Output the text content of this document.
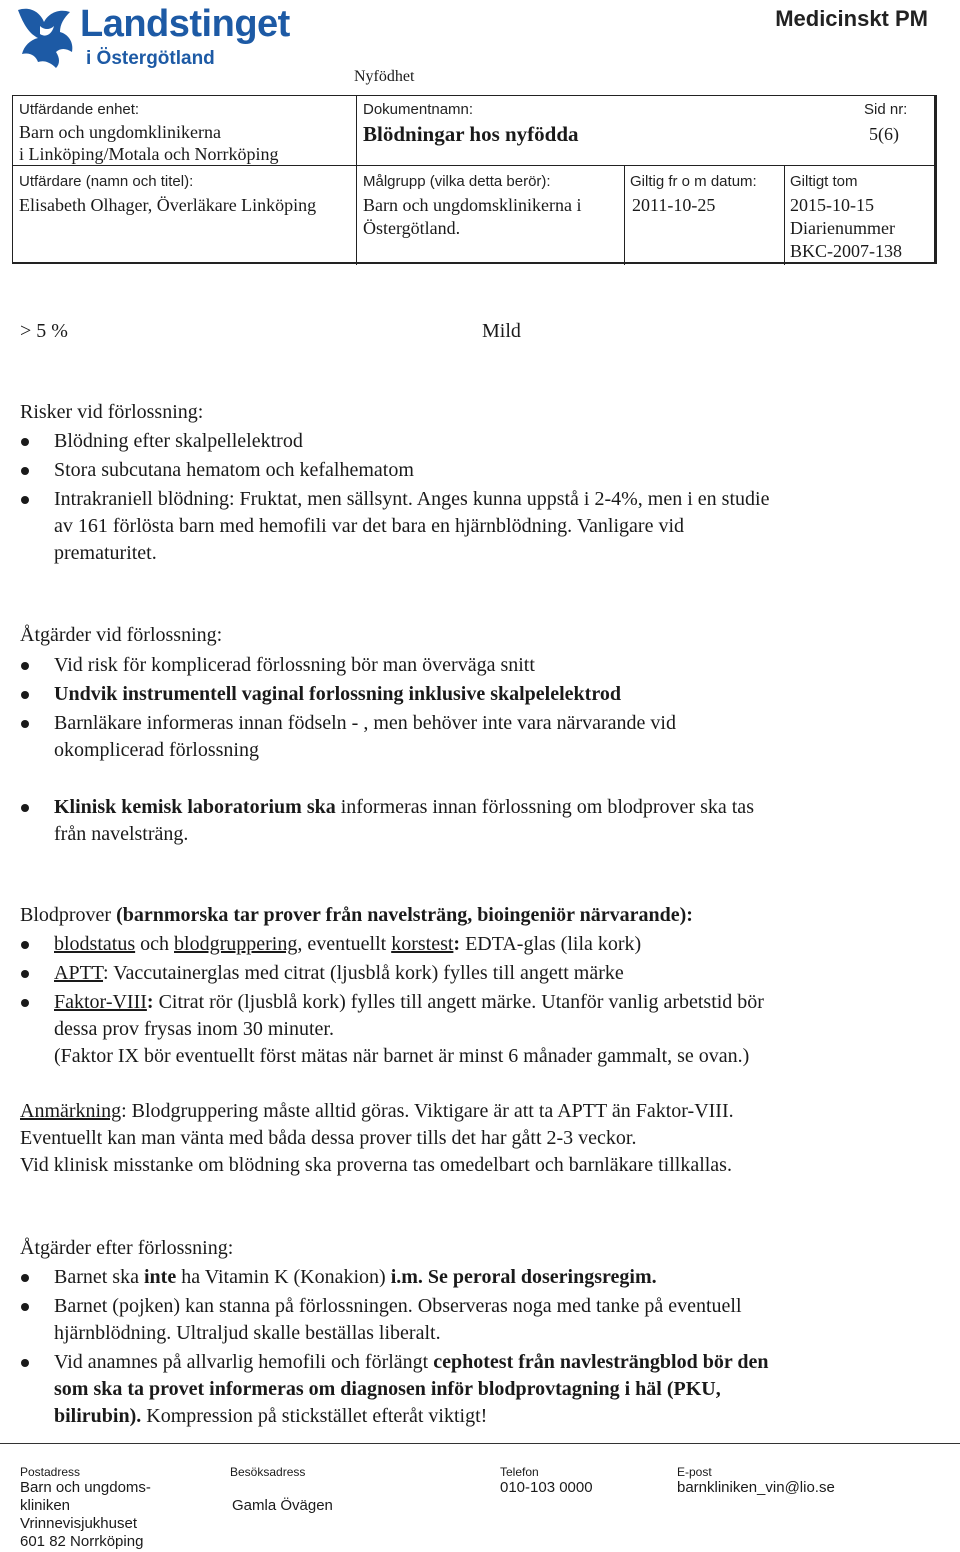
Landstinget
i Östergötland
Medicinskt PM
Nyfödhet
Utfärdande enhet:
Barn och ungdomklinikerna
i Linköping/Motala och Norrköping
Dokumentnamn:
Blödningar hos nyfödda
Sid nr:
5(6)
Utfärdare (namn och titel):
Elisabeth Olhager, Överläkare Linköping
Målgrupp (vilka detta berör):
Barn och ungdomsklinikerna i
Östergötland.
Giltig fr o m datum:
2011-10-25
Giltigt tom
2015-10-15
Diarienummer
BKC-2007-138
> 5 %	Mild
Risker vid förlossning:
Blödning efter skalpellelektrod
Stora subcutana hematom och kefalhematom
Intrakraniell blödning: Fruktat, men sällsynt. Anges kunna uppstå i 2-4%, men i en studie
av 161 förlösta barn med hemofili var det bara en hjärnblödning. Vanligare vid
prematuritet.
Åtgärder vid förlossning:
Vid risk för komplicerad förlossning bör man överväga snitt
Undvik instrumentell vaginal forlossning inklusive skalpelelektrod
Barnläkare informeras innan födseln - , men behöver inte vara närvarande vid
okomplicerad förlossning
Klinisk kemisk laboratorium ska informeras innan förlossning om blodprover ska tas
från navelsträng.
Blodprover (barnmorska tar prover från navelsträng, bioingeniör närvarande):
blodstatus och blodgruppering, eventuellt korstest: EDTA-glas (lila kork)
APTT: Vaccutainerglas med citrat (ljusblå kork) fylles till angett märke
Faktor-VIII: Citrat rör (ljusblå kork) fylles till angett märke. Utanför vanlig arbetstid bör
dessa prov frysas inom 30 minuter.
(Faktor IX bör eventuellt först mätas när barnet är minst 6 månader gammalt, se ovan.)
Anmärkning: Blodgruppering måste alltid göras. Viktigare är att ta APTT än Faktor-VIII.
Eventuellt kan man vänta med båda dessa prover tills det har gått 2-3 veckor.
Vid klinisk misstanke om blödning ska proverna tas omedelbart och barnläkare tillkallas.
Åtgärder efter förlossning:
Barnet ska inte ha Vitamin K (Konakion) i.m. Se peroral doseringsregim.
Barnet (pojken) kan stanna på förlossningen. Observeras noga med tanke på eventuell
hjärnblödning. Ultraljud skalle beställas liberalt.
Vid anamnes på allvarlig hemofili och förlängt cephotest från navlesträngblod bör den
som ska ta provet informeras om diagnosen inför blodprovtagning i häl (PKU,
bilirubin). Kompression på stickstället efteråt viktigt!
Postadress
Barn och ungdoms-
kliniken
Vrinnevisjukhuset
601 82 Norrköping
Besöksadress
Gamla Övägen
Telefon
010-103 0000
E-post
barnkliniken_vin@lio.se
